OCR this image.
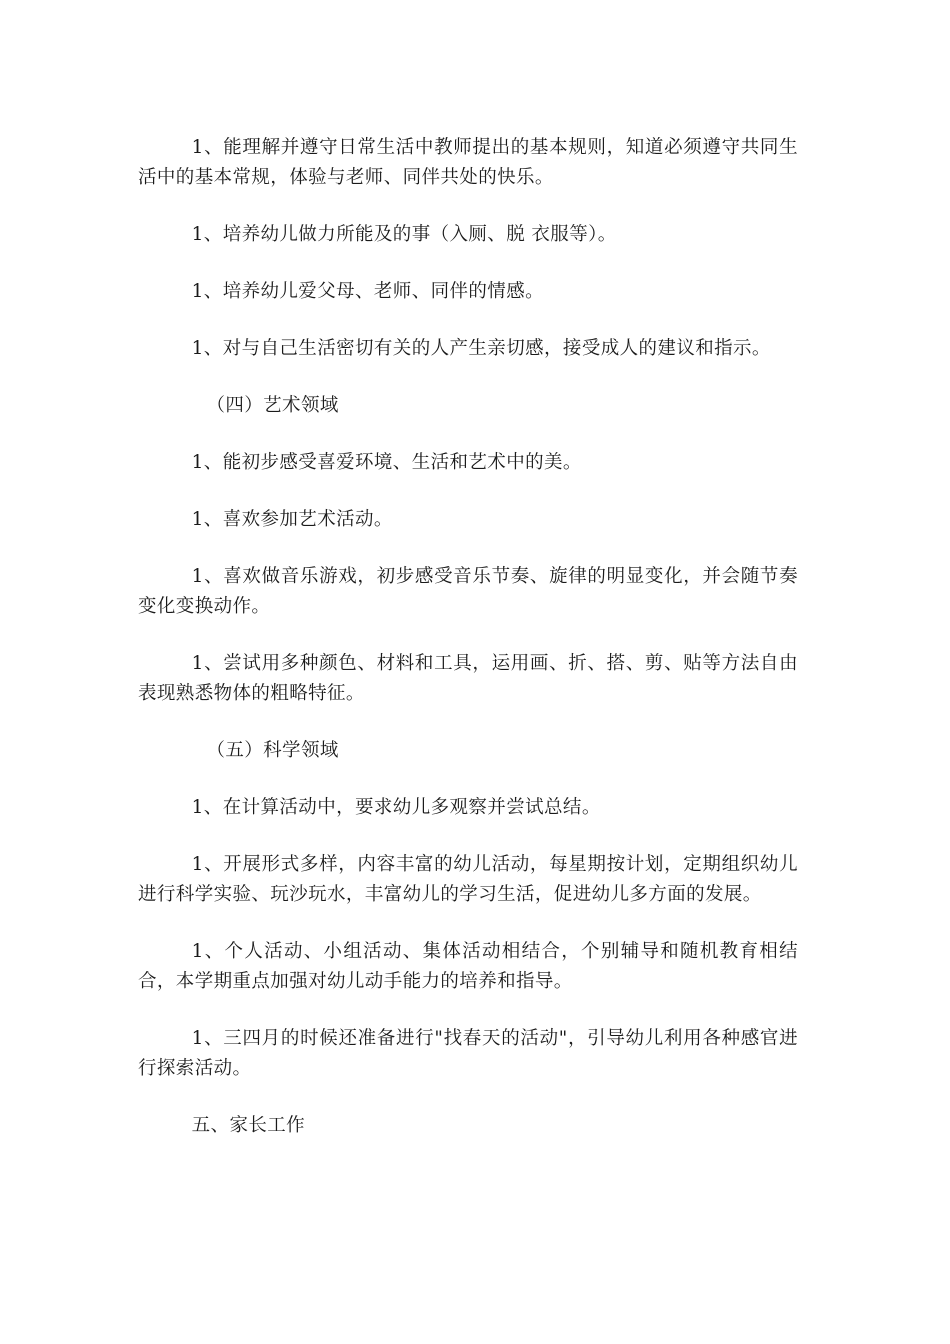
1、能理解并遵守日常生活中教师提出的基本规则，知道必须遵守共同生活中的基本常规，体验与老师、同伴共处的快乐。

1、培养幼儿做力所能及的事（入厕、脱 衣服等）。

1、培养幼儿爱父母、老师、同伴的情感。

1、对与自己生活密切有关的人产生亲切感，接受成人的建议和指示。

（四）艺术领域

1、能初步感受喜爱环境、生活和艺术中的美。

1、喜欢参加艺术活动。

1、喜欢做音乐游戏，初步感受音乐节奏、旋律的明显变化，并会随节奏变化变换动作。

1、尝试用多种颜色、材料和工具，运用画、折、搭、剪、贴等方法自由表现熟悉物体的粗略特征。

（五）科学领域

1、在计算活动中，要求幼儿多观察并尝试总结。

1、开展形式多样，内容丰富的幼儿活动，每星期按计划，定期组织幼儿进行科学实验、玩沙玩水，丰富幼儿的学习生活，促进幼儿多方面的发展。

1、个人活动、小组活动、集体活动相结合，个别辅导和随机教育相结合，本学期重点加强对幼儿动手能力的培养和指导。

1、三四月的时候还准备进行"找春天的活动"，引导幼儿利用各种感官进行探索活动。

五、家长工作
